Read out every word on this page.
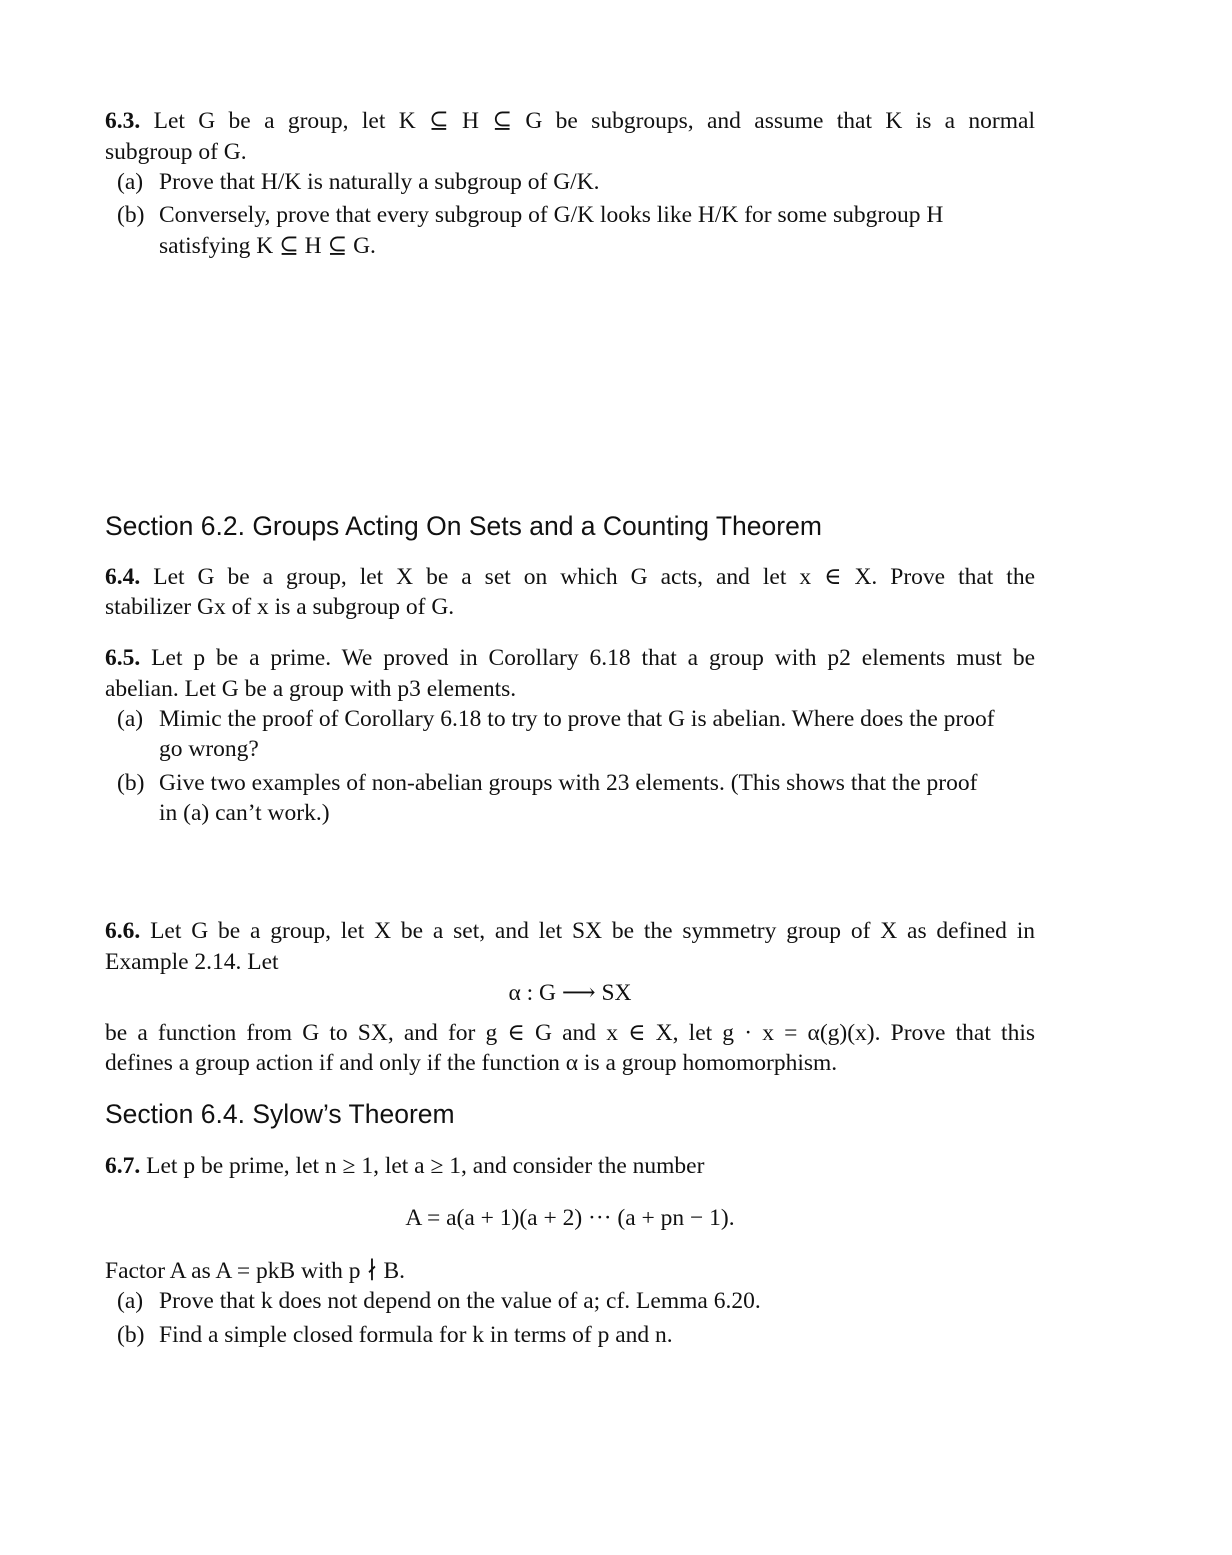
6.3. Let G be a group, let K ⊆ H ⊆ G be subgroups, and assume that K is a normal
subgroup of G.
(a) Prove that H/K is naturally a subgroup of G/K.
(b) Conversely, prove that every subgroup of G/K looks like H/K for some subgroup H
satisfying K ⊆ H ⊆ G.
Section 6.2. Groups Acting On Sets and a Counting Theorem
6.4. Let G be a group, let X be a set on which G acts, and let x ∈ X. Prove that the
stabilizer Gx of x is a subgroup of G.
6.5. Let p be a prime. We proved in Corollary 6.18 that a group with p2 elements must be
abelian. Let G be a group with p3 elements.
(a) Mimic the proof of Corollary 6.18 to try to prove that G is abelian. Where does the proof
go wrong?
(b) Give two examples of non-abelian groups with 23 elements. (This shows that the proof
in (a) can’t work.)
6.6. Let G be a group, let X be a set, and let SX be the symmetry group of X as defined in
Example 2.14. Let
α : G ⟶ SX
be a function from G to SX, and for g ∈ G and x ∈ X, let g · x = α(g)(x). Prove that this
defines a group action if and only if the function α is a group homomorphism.
Section 6.4. Sylow’s Theorem
6.7. Let p be prime, let n ≥ 1, let a ≥ 1, and consider the number
A = a(a + 1)(a + 2) ··· (a + pn − 1).
Factor A as A = pkB with p ∤ B.
(a) Prove that k does not depend on the value of a; cf. Lemma 6.20.
(b) Find a simple closed formula for k in terms of p and n.
